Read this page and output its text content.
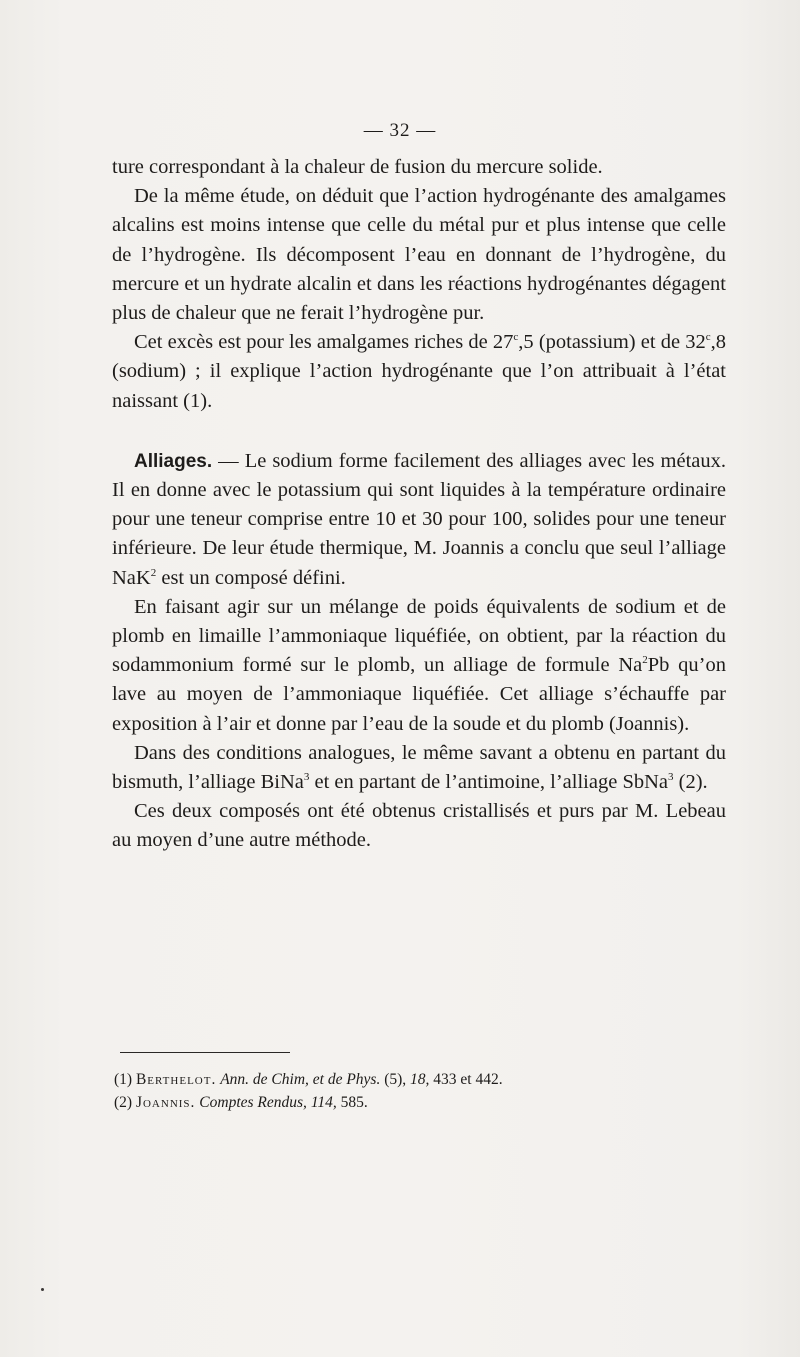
— 32 —

ture correspondant à la chaleur de fusion du mercure solide.

De la même étude, on déduit que l’action hydrogénante des amalgames alcalins est moins intense que celle du métal pur et plus intense que celle de l’hydrogène. Ils décomposent l’eau en donnant de l’hydrogène, du mercure et un hydrate alcalin et dans les réactions hydrogénantes dégagent plus de chaleur que ne ferait l’hydrogène pur.

Cet excès est pour les amalgames riches de 27$^c$,5 (potassium) et de 32$^c$,8 (sodium) ; il explique l’action hydrogénante que l’on attribuait à l’état naissant (1).

Alliages. — Le sodium forme facilement des alliages avec les métaux. Il en donne avec le potassium qui sont liquides à la température ordinaire pour une teneur comprise entre 10 et 30 pour 100, solides pour une teneur inférieure. De leur étude thermique, M. Joannis a conclu que seul l’alliage NaK$^2$ est un composé défini.

En faisant agir sur un mélange de poids équivalents de sodium et de plomb en limaille l’ammoniaque liquéfiée, on obtient, par la réaction du sodammonium formé sur le plomb, un alliage de formule Na$^2$Pb qu’on lave au moyen de l’ammoniaque liquéfiée. Cet alliage s’échauffe par exposition à l’air et donne par l’eau de la soude et du plomb (Joannis).

Dans des conditions analogues, le même savant a obtenu en partant du bismuth, l’alliage BiNa$^3$ et en partant de l’antimoine, l’alliage SbNa$^3$ (2).

Ces deux composés ont été obtenus cristallisés et purs par M. Lebeau au moyen d’une autre méthode.

(1) Berthelot. Ann. de Chim, et de Phys. (5), 18, 433 et 442.
(2) Joannis. Comptes Rendus, 114, 585.
